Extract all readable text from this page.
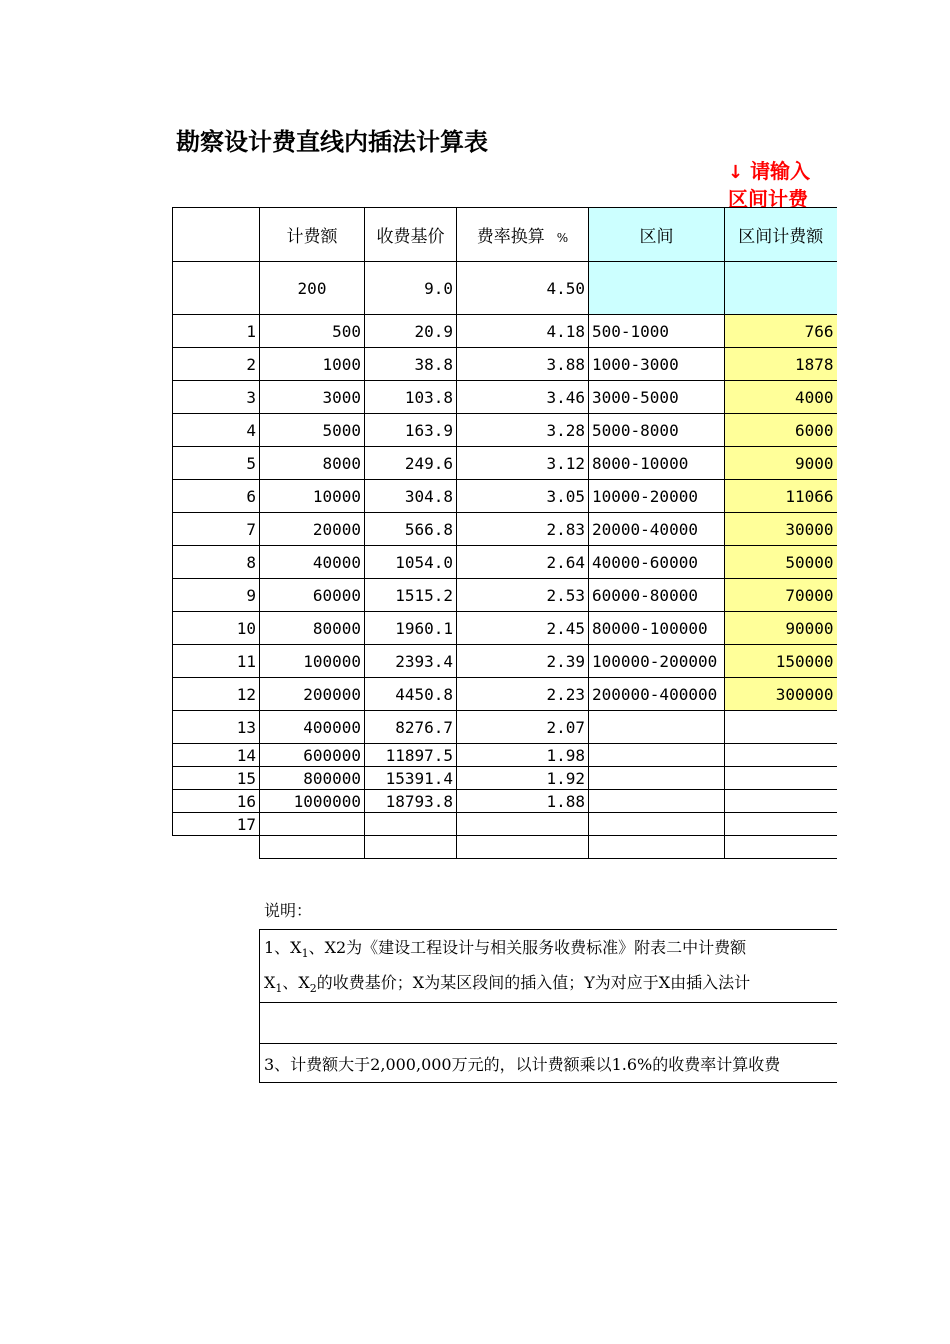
勘察设计费直线内插法计算表
↓ 请输入
区间计费
	计费额	收费基价	费率换算 %	区间	区间计费额
	200	9.0	4.50		
1	500	20.9	4.18	500-1000	766
2	1000	38.8	3.88	1000-3000	1878
3	3000	103.8	3.46	3000-5000	4000
4	5000	163.9	3.28	5000-8000	6000
5	8000	249.6	3.12	8000-10000	9000
6	10000	304.8	3.05	10000-20000	11066
7	20000	566.8	2.83	20000-40000	30000
8	40000	1054.0	2.64	40000-60000	50000
9	60000	1515.2	2.53	60000-80000	70000
10	80000	1960.1	2.45	80000-100000	90000
11	100000	2393.4	2.39	100000-200000	150000
12	200000	4450.8	2.23	200000-400000	300000
13	400000	8276.7	2.07		
14	600000	11897.5	1.98		
15	800000	15391.4	1.92		
16	1000000	18793.8	1.88		
17					

说明：
1、$X_1$、X2为《建设工程设计与相关服务收费标准》附表二中计费额
$X_1$、$X_2$的收费基价；X为某区段间的插入值；Y为对应于X由插入法计
3、计费额大于2,000,000万元的，以计费额乘以1.6%的收费率计算收费
